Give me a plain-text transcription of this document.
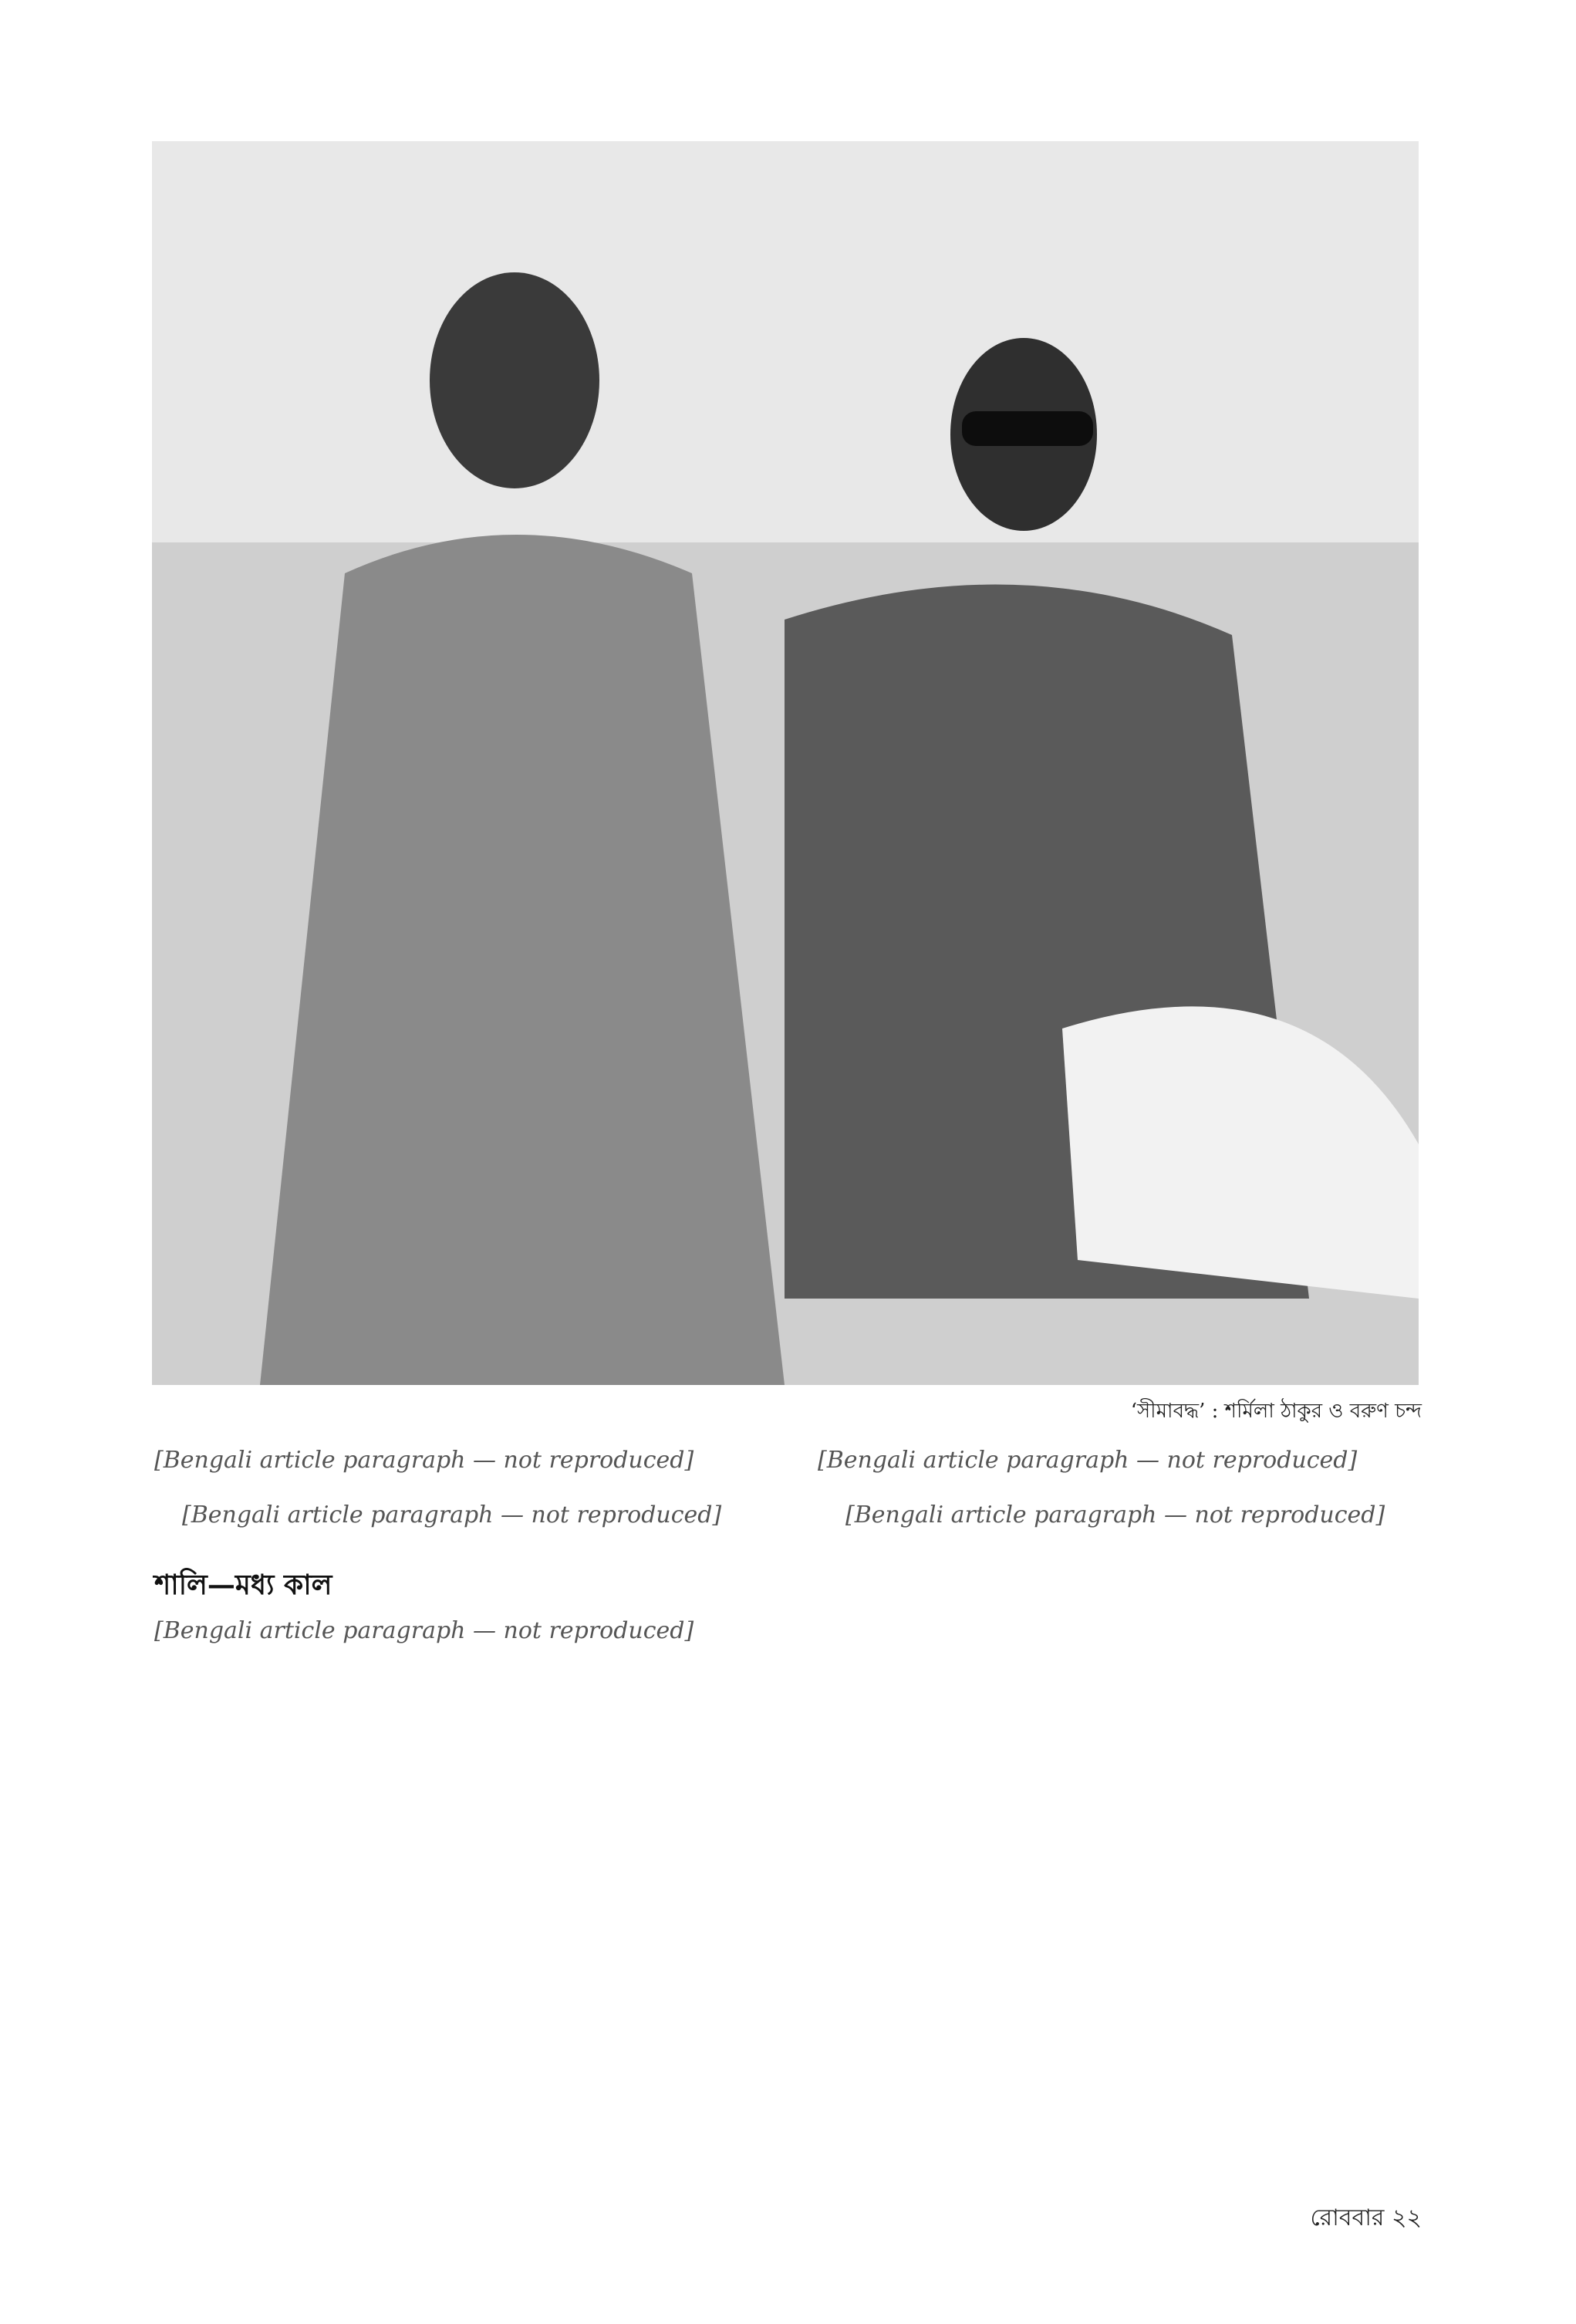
‘সীমাবদ্ধ’ : শর্মিলা ঠাকুর ও বরুণ চন্দ

[Bengali article paragraph — not reproduced]

[Bengali article paragraph — not reproduced]

শালি—মধ্য কাল

[Bengali article paragraph — not reproduced]

[Bengali article paragraph — not reproduced]

[Bengali article paragraph — not reproduced]

রোববার ২২
